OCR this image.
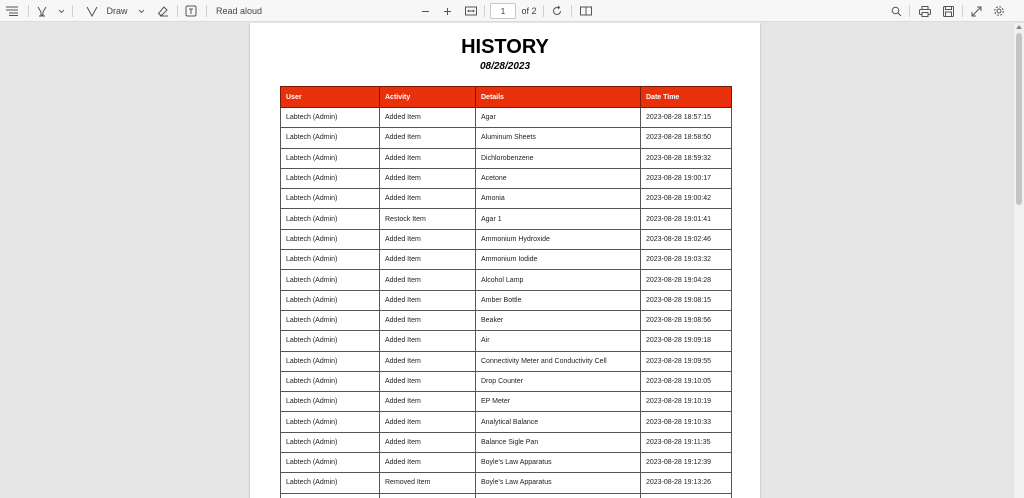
Draw	Read aloud	1	of 2
HISTORY
08/28/2023
User	Activity	Details	Date Time
Labtech (Admin)	Added Item	Agar	2023-08-28 18:57:15
Labtech (Admin)	Added Item	Aluminum Sheets	2023-08-28 18:58:50
Labtech (Admin)	Added Item	Dichlorobenzene	2023-08-28 18:59:32
Labtech (Admin)	Added Item	Acetone	2023-08-28 19:00:17
Labtech (Admin)	Added Item	Amonia	2023-08-28 19:00:42
Labtech (Admin)	Restock Item	Agar 1	2023-08-28 19:01:41
Labtech (Admin)	Added Item	Ammonium Hydroxide	2023-08-28 19:02:46
Labtech (Admin)	Added Item	Ammonium Iodide	2023-08-28 19:03:32
Labtech (Admin)	Added Item	Alcohol Lamp	2023-08-28 19:04:28
Labtech (Admin)	Added Item	Amber Bottle	2023-08-28 19:08:15
Labtech (Admin)	Added Item	Beaker	2023-08-28 19:08:56
Labtech (Admin)	Added Item	Air	2023-08-28 19:09:18
Labtech (Admin)	Added Item	Connectivity Meter and Conductivity Cell	2023-08-28 19:09:55
Labtech (Admin)	Added Item	Drop Counter	2023-08-28 19:10:05
Labtech (Admin)	Added Item	EP Meter	2023-08-28 19:10:19
Labtech (Admin)	Added Item	Analytical Balance	2023-08-28 19:10:33
Labtech (Admin)	Added Item	Balance Sigle Pan	2023-08-28 19:11:35
Labtech (Admin)	Added Item	Boyle's Law Apparatus	2023-08-28 19:12:39
Labtech (Admin)	Removed Item	Boyle's Law Apparatus	2023-08-28 19:13:26
